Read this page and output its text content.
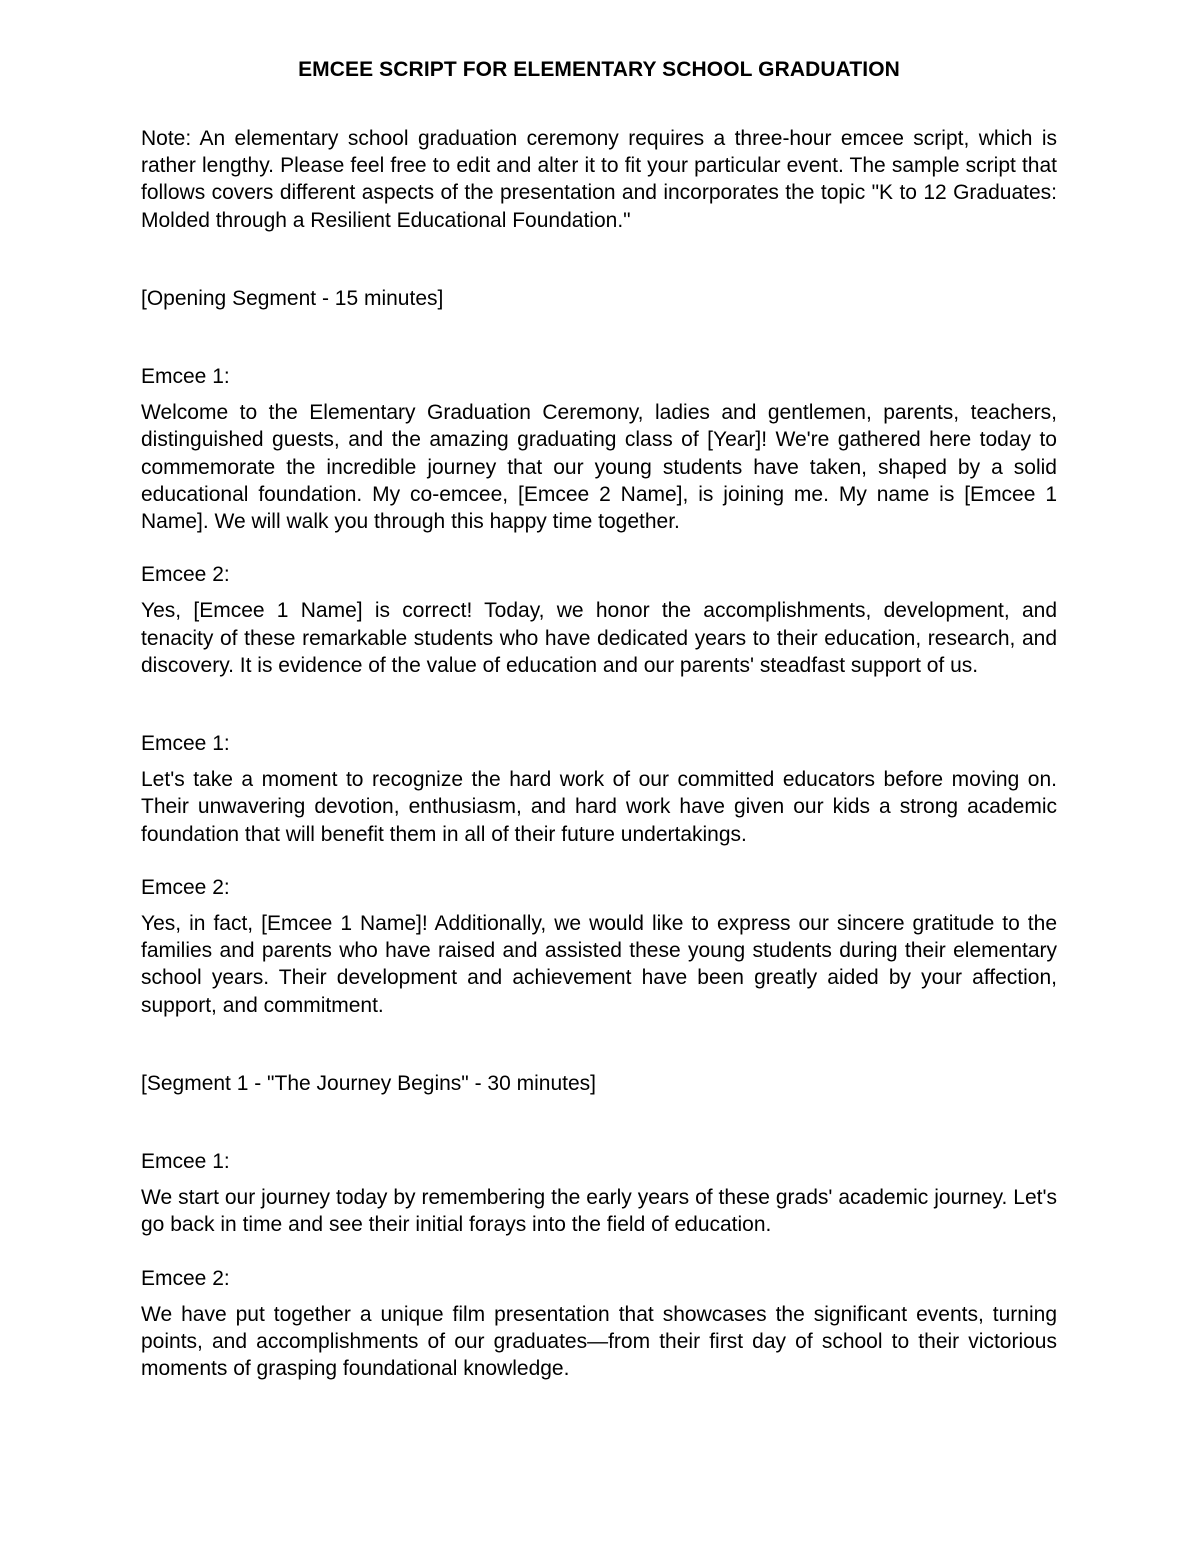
EMCEE SCRIPT FOR ELEMENTARY SCHOOL GRADUATION

Note: An elementary school graduation ceremony requires a three-hour emcee script, which is rather lengthy. Please feel free to edit and alter it to fit your particular event. The sample script that follows covers different aspects of the presentation and incorporates the topic "K to 12 Graduates: Molded through a Resilient Educational Foundation."

[Opening Segment - 15 minutes]

Emcee 1:

Welcome to the Elementary Graduation Ceremony, ladies and gentlemen, parents, teachers, distinguished guests, and the amazing graduating class of [Year]! We're gathered here today to commemorate the incredible journey that our young students have taken, shaped by a solid educational foundation. My co-emcee, [Emcee 2 Name], is joining me. My name is [Emcee 1 Name]. We will walk you through this happy time together.

Emcee 2:

Yes, [Emcee 1 Name] is correct! Today, we honor the accomplishments, development, and tenacity of these remarkable students who have dedicated years to their education, research, and discovery. It is evidence of the value of education and our parents' steadfast support of us.

Emcee 1:

Let's take a moment to recognize the hard work of our committed educators before moving on. Their unwavering devotion, enthusiasm, and hard work have given our kids a strong academic foundation that will benefit them in all of their future undertakings.

Emcee 2:

Yes, in fact, [Emcee 1 Name]! Additionally, we would like to express our sincere gratitude to the families and parents who have raised and assisted these young students during their elementary school years. Their development and achievement have been greatly aided by your affection, support, and commitment.

[Segment 1 - "The Journey Begins" - 30 minutes]

Emcee 1:

We start our journey today by remembering the early years of these grads' academic journey. Let's go back in time and see their initial forays into the field of education.

Emcee 2:

We have put together a unique film presentation that showcases the significant events, turning points, and accomplishments of our graduates—from their first day of school to their victorious moments of grasping foundational knowledge.
